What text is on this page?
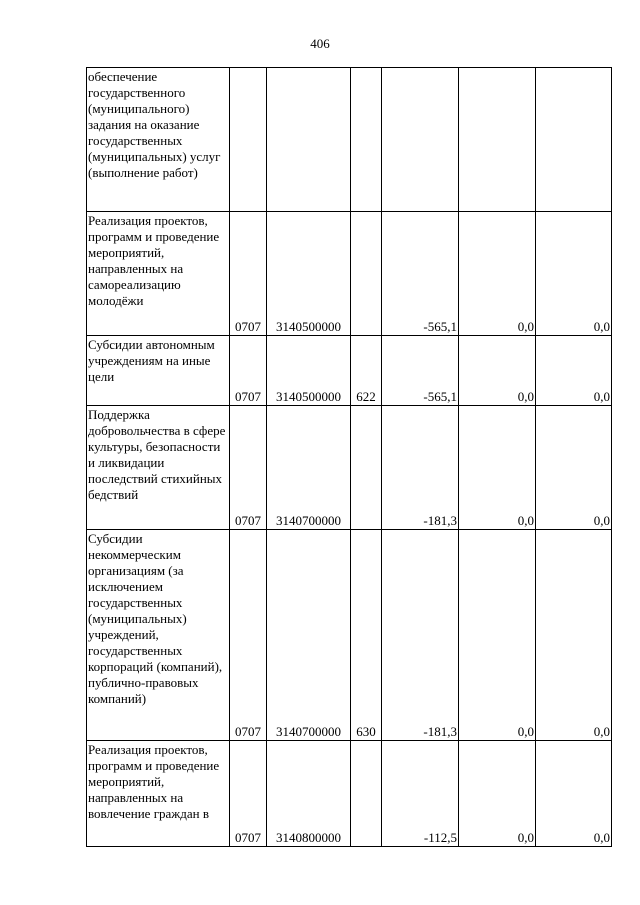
406
обеспечение государственного (муниципального) задания на оказание государственных (муниципальных) услуг (выполнение работ)						
Реализация проектов, программ и проведение мероприятий, направленных на самореализацию молодёжи	0707	3140500000		-565,1	0,0	0,0
Субсидии автономным учреждениям на иные цели	0707	3140500000	622	-565,1	0,0	0,0
Поддержка добровольчества в сфере культуры, безопасности и ликвидации последствий стихийных бедствий	0707	3140700000		-181,3	0,0	0,0
Субсидии некоммерческим организациям (за исключением государственных (муниципальных) учреждений, государственных корпораций (компаний), публично-правовых компаний)	0707	3140700000	630	-181,3	0,0	0,0
Реализация проектов, программ и проведение мероприятий, направленных на вовлечение граждан в	0707	3140800000		-112,5	0,0	0,0
